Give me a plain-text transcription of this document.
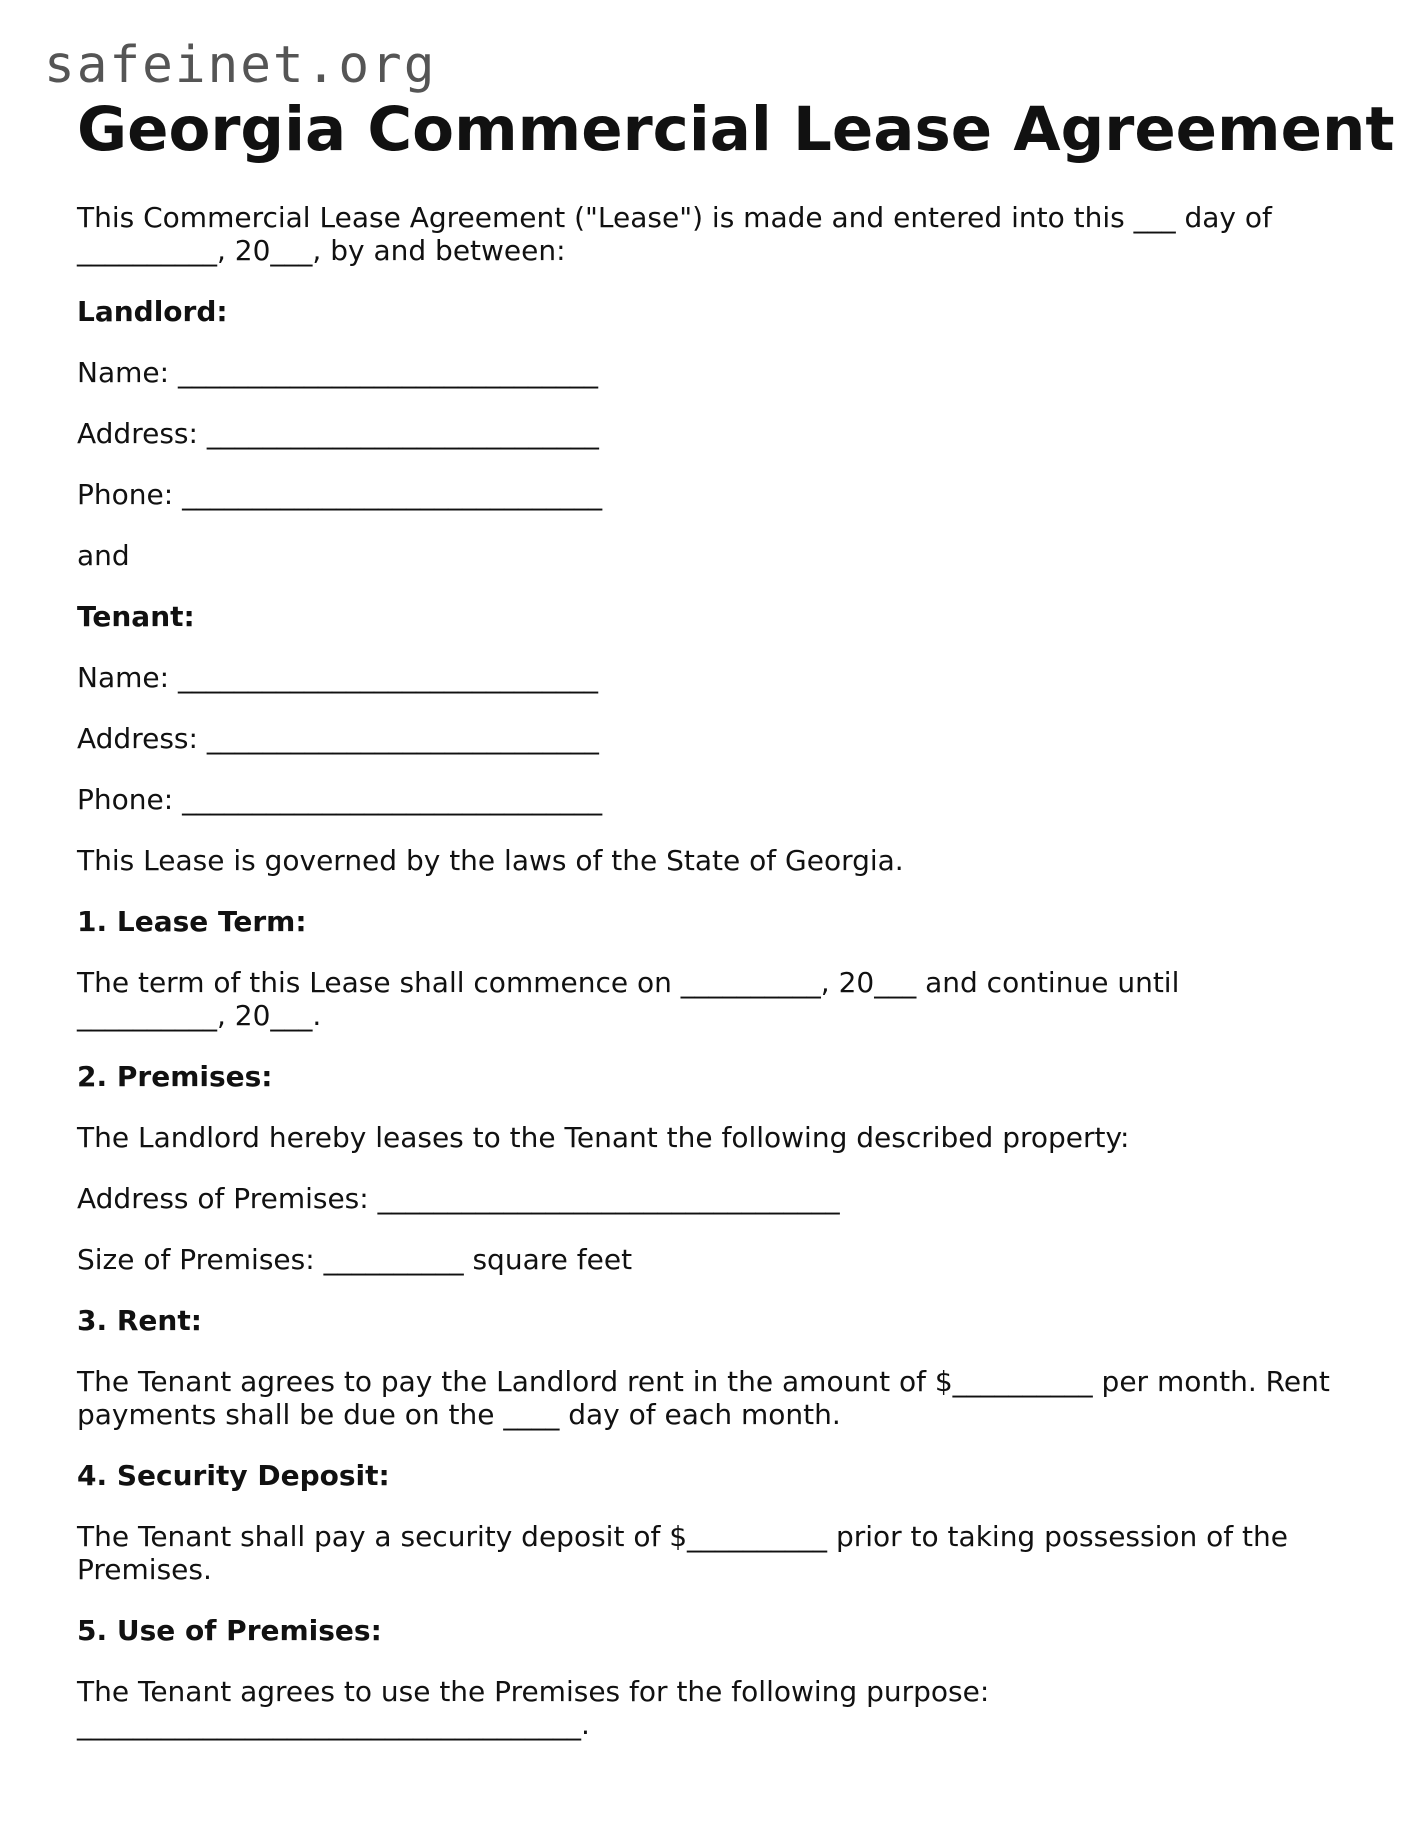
safeinet.org
Georgia Commercial Lease Agreement

This Commercial Lease Agreement ("Lease") is made and entered into this ___ day of __________, 20___, by and between:

Landlord:

Name: ______________________________

Address: ____________________________

Phone: ______________________________

and

Tenant:

Name: ______________________________

Address: ____________________________

Phone: ______________________________

This Lease is governed by the laws of the State of Georgia.

1. Lease Term:

The term of this Lease shall commence on __________, 20___ and continue until __________, 20___.

2. Premises:

The Landlord hereby leases to the Tenant the following described property:

Address of Premises: _________________________________

Size of Premises: __________ square feet

3. Rent:

The Tenant agrees to pay the Landlord rent in the amount of $__________ per month. Rent payments shall be due on the ____ day of each month.

4. Security Deposit:

The Tenant shall pay a security deposit of $__________ prior to taking possession of the Premises.

5. Use of Premises:

The Tenant agrees to use the Premises for the following purpose: ____________________________________.
